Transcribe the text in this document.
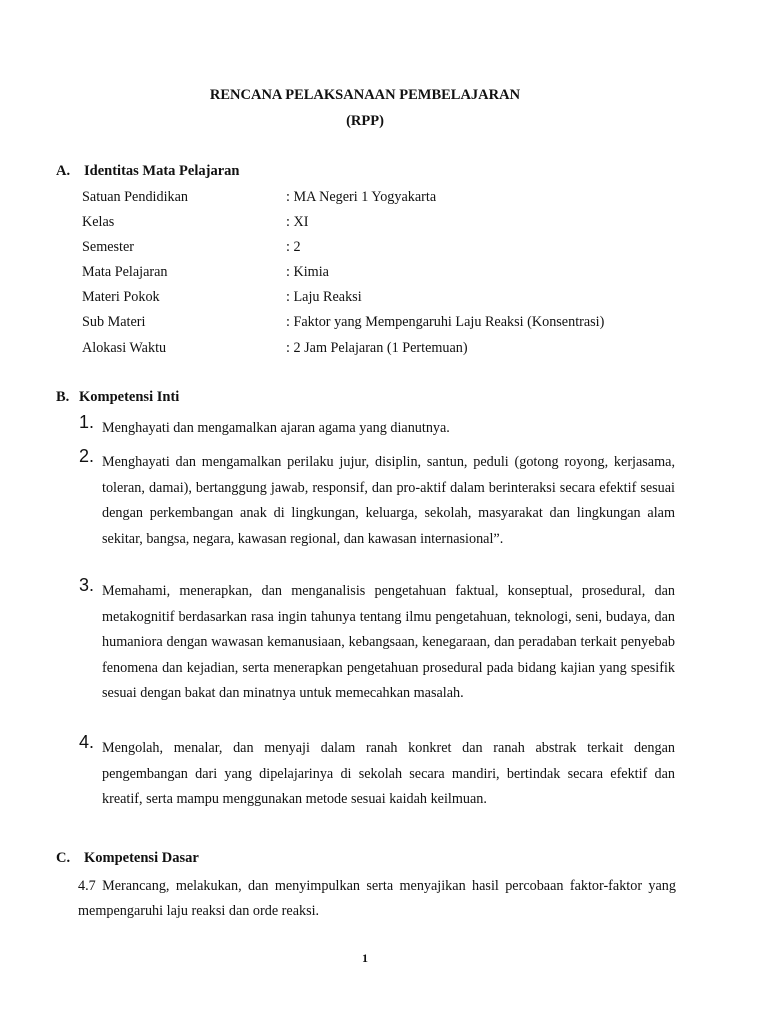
RENCANA PELAKSANAAN PEMBELAJARAN
(RPP)
A. Identitas Mata Pelajaran
Satuan Pendidikan	: MA Negeri 1 Yogyakarta
Kelas	: XI
Semester	: 2
Mata Pelajaran	: Kimia
Materi Pokok	: Laju Reaksi
Sub Materi	: Faktor yang Mempengaruhi Laju Reaksi (Konsentrasi)
Alokasi Waktu	: 2 Jam Pelajaran (1 Pertemuan)
B. Kompetensi Inti
1. Menghayati dan mengamalkan ajaran agama yang dianutnya.
2. Menghayati dan mengamalkan perilaku jujur, disiplin, santun, peduli (gotong royong, kerjasama, toleran, damai), bertanggung jawab, responsif, dan pro-aktif dalam berinteraksi secara efektif sesuai dengan perkembangan anak di lingkungan, keluarga, sekolah, masyarakat dan lingkungan alam sekitar, bangsa, negara, kawasan regional, dan kawasan internasional”.
3. Memahami, menerapkan, dan menganalisis pengetahuan faktual, konseptual, prosedural, dan metakognitif berdasarkan rasa ingin tahunya tentang ilmu pengetahuan, teknologi, seni, budaya, dan humaniora dengan wawasan kemanusiaan, kebangsaan, kenegaraan, dan peradaban terkait penyebab fenomena dan kejadian, serta menerapkan pengetahuan prosedural pada bidang kajian yang spesifik sesuai dengan bakat dan minatnya untuk memecahkan masalah.
4. Mengolah, menalar, dan menyaji dalam ranah konkret dan ranah abstrak terkait dengan pengembangan dari yang dipelajarinya di sekolah secara mandiri, bertindak secara efektif dan kreatif, serta mampu menggunakan metode sesuai kaidah keilmuan.
C. Kompetensi Dasar
4.7 Merancang, melakukan, dan menyimpulkan serta menyajikan hasil percobaan faktor-faktor yang mempengaruhi laju reaksi dan orde reaksi.
1
